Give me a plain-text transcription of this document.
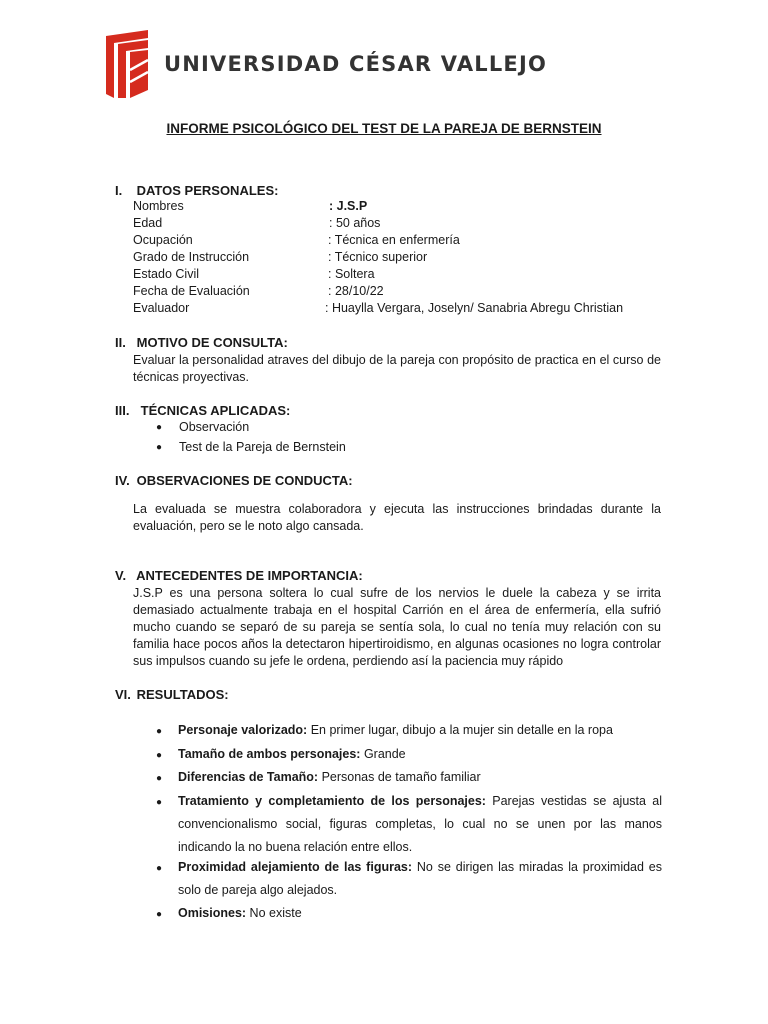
UNIVERSIDAD CÉSAR VALLEJO
INFORME PSICOLÓGICO DEL TEST DE LA PAREJA DE BERNSTEIN
I. DATOS PERSONALES:
Nombres	: J.S.P
Edad	: 50 años
Ocupación	: Técnica en enfermería
Grado de Instrucción	: Técnico superior
Estado Civil	: Soltera
Fecha de Evaluación	: 28/10/22
Evaluador	: Huaylla Vergara, Joselyn/ Sanabria Abregu Christian
II. MOTIVO DE CONSULTA:
Evaluar la personalidad atraves del dibujo de la pareja con propósito de practica en el curso de técnicas proyectivas.
III. TÉCNICAS APLICADAS:
● Observación
● Test de la Pareja de Bernstein
IV. OBSERVACIONES DE CONDUCTA:
La evaluada se muestra colaboradora y ejecuta las instrucciones brindadas durante la evaluación, pero se le noto algo cansada.
V. ANTECEDENTES DE IMPORTANCIA:
J.S.P es una persona soltera lo cual sufre de los nervios le duele la cabeza y se irrita demasiado actualmente trabaja en el hospital Carrión en el área de enfermería, ella sufrió mucho cuando se separó de su pareja se sentía sola, lo cual no tenía muy relación con su familia hace pocos años la detectaron hipertiroidismo, en algunas ocasiones no logra controlar sus impulsos cuando su jefe le ordena, perdiendo así la paciencia muy rápido
VI. RESULTADOS:
● Personaje valorizado: En primer lugar, dibujo a la mujer sin detalle en la ropa
● Tamaño de ambos personajes: Grande
● Diferencias de Tamaño: Personas de tamaño familiar
● Tratamiento y completamiento de los personajes: Parejas vestidas se ajusta al convencionalismo social, figuras completas, lo cual no se unen por las manos indicando la no buena relación entre ellos.
● Proximidad alejamiento de las figuras: No se dirigen las miradas la proximidad es solo de pareja algo alejados.
● Omisiones: No existe
